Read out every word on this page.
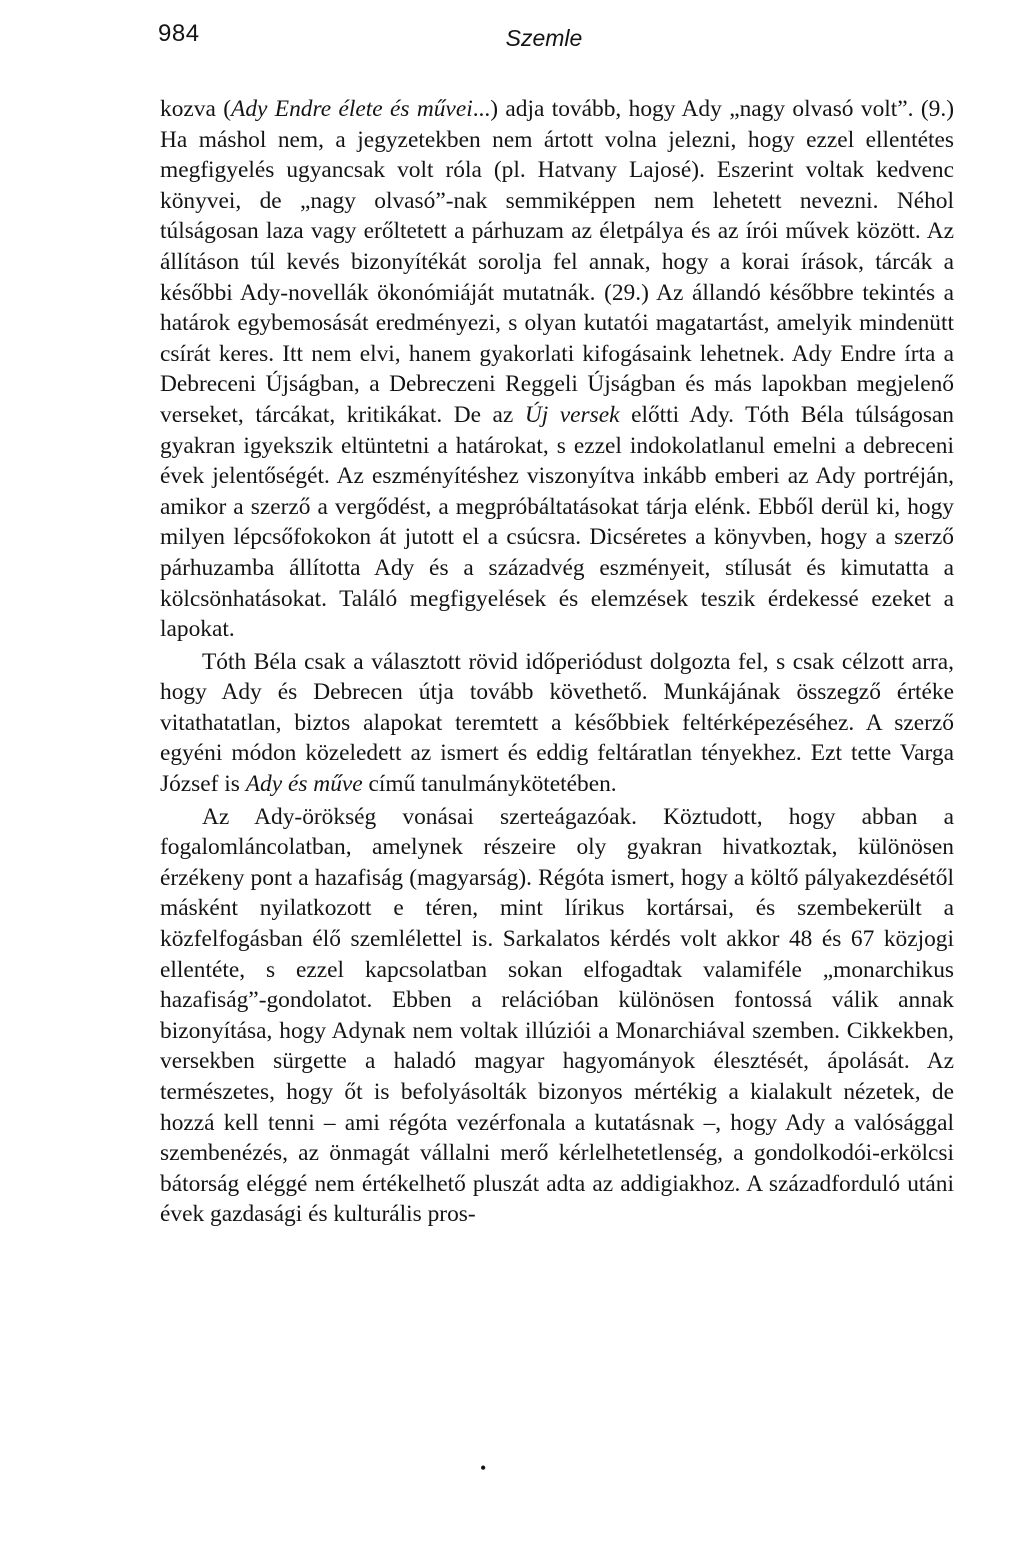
984	Szemle

kozva (Ady Endre élete és művei...) adja tovább, hogy Ady „nagy olvasó volt”. (9.) Ha máshol nem, a jegyzetekben nem ártott volna jelezni, hogy ezzel ellentétes megfigyelés ugyancsak volt róla (pl. Hatvany Lajosé). Eszerint voltak kedvenc könyvei, de „nagy olvasó”-nak semmiképpen nem lehetett nevezni. Néhol túlságosan laza vagy erőltetett a párhuzam az életpálya és az írói művek között. Az állításon túl kevés bizonyítékát sorolja fel annak, hogy a korai írások, tárcák a későbbi Ady-novellák ökonómiáját mutatnák. (29.) Az állandó későbbre tekintés a határok egybemosását eredményezi, s olyan kutatói magatartást, amelyik mindenütt csírát keres. Itt nem elvi, hanem gyakorlati kifogásaink lehetnek. Ady Endre írta a Debreceni Újságban, a Debreczeni Reggeli Újságban és más lapokban megjelenő verseket, tárcákat, kritikákat. De az Új versek előtti Ady. Tóth Béla túlságosan gyakran igyekszik eltüntetni a határokat, s ezzel indokolatlanul emelni a debreceni évek jelentőségét. Az eszményítéshez viszonyítva inkább emberi az Ady portréján, amikor a szerző a vergődést, a megpróbáltatásokat tárja elénk. Ebből derül ki, hogy milyen lépcsőfokokon át jutott el a csúcsra. Dicséretes a könyvben, hogy a szerző párhuzamba állította Ady és a századvég eszményeit, stílusát és kimutatta a kölcsönhatásokat. Találó megfigyelések és elemzések teszik érdekessé ezeket a lapokat.

Tóth Béla csak a választott rövid időperiódust dolgozta fel, s csak célzott arra, hogy Ady és Debrecen útja tovább követhető. Munkájának összegző értéke vitathatatlan, biztos alapokat teremtett a későbbiek feltérképezéséhez. A szerző egyéni módon közeledett az ismert és eddig feltáratlan tényekhez. Ezt tette Varga József is Ady és műve című tanulmánykötetében.

Az Ady-örökség vonásai szerteágazóak. Köztudott, hogy abban a fogalomláncolatban, amelynek részeire oly gyakran hivatkoztak, különösen érzékeny pont a hazafiság (magyarság). Régóta ismert, hogy a költő pályakezdésétől másként nyilatkozott e téren, mint lírikus kortársai, és szembekerült a közfelfogásban élő szemlélettel is. Sarkalatos kérdés volt akkor 48 és 67 közjogi ellentéte, s ezzel kapcsolatban sokan elfogadtak valamiféle „monarchikus hazafiság”-gondolatot. Ebben a relációban különösen fontossá válik annak bizonyítása, hogy Adynak nem voltak illúziói a Monarchiával szemben. Cikkekben, versekben sürgette a haladó magyar hagyományok élesztését, ápolását. Az természetes, hogy őt is befolyásolták bizonyos mértékig a kialakult nézetek, de hozzá kell tenni – ami régóta vezérfonala a kutatásnak –, hogy Ady a valósággal szembenézés, az önmagát vállalni merő kérlelhetetlenség, a gondolkodói-erkölcsi bátorság eléggé nem értékelhető pluszát adta az addigiakhoz. A századforduló utáni évek gazdasági és kulturális pros-

•
